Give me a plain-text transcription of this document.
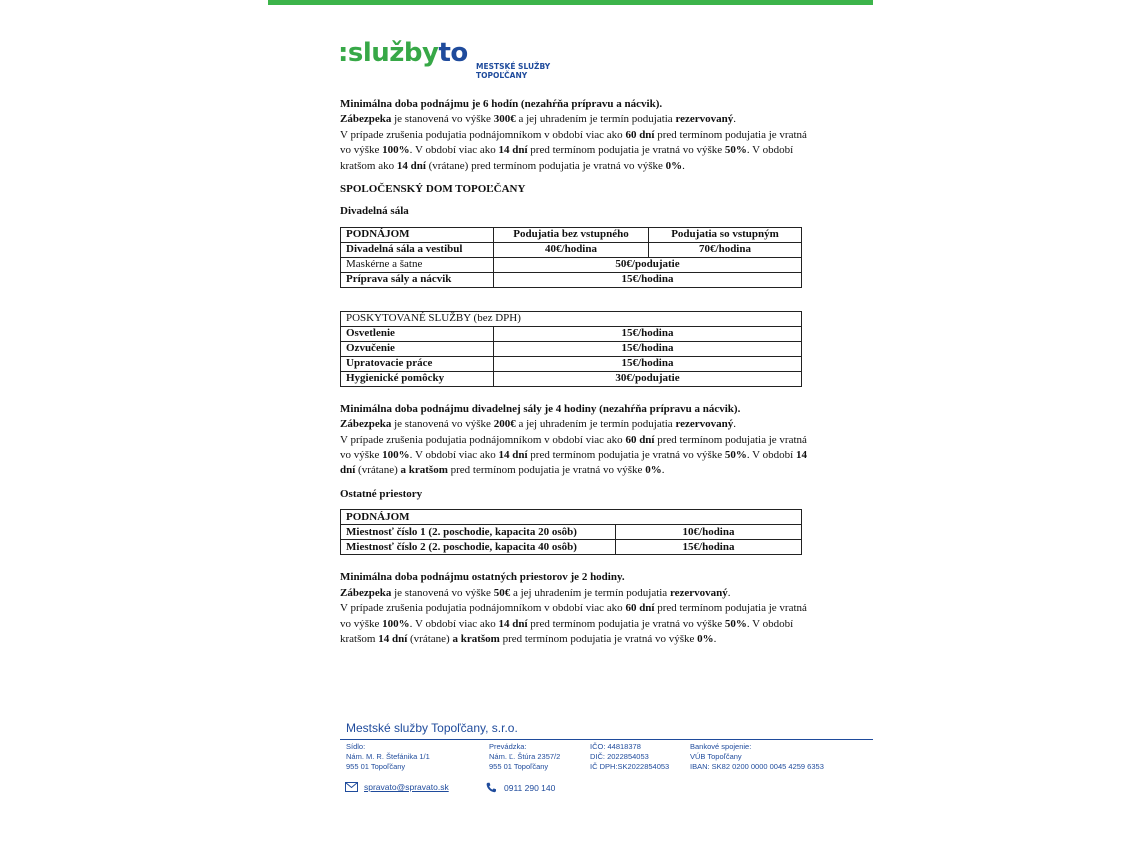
:službyto MESTSKÉ SLUŽBY
TOPOĽČANY

Minimálna doba podnájmu je 6 hodín (nezahŕňa prípravu a nácvik).

Zábezpeka je stanovená vo výške 300€ a jej uhradením je termín podujatia rezervovaný.

V prípade zrušenia podujatia podnájomníkom v období viac ako 60 dní pred termínom podujatia je vratná vo výške 100%. V období viac ako 14 dní pred termínom podujatia je vratná vo výške 50%. V období kratšom ako 14 dní (vrátane) pred termínom podujatia je vratná vo výške 0%.

SPOLOČENSKÝ DOM TOPOĽČANY

Divadelná sála

PODNÁJOM	Podujatia bez vstupného	Podujatia so vstupným
Divadelná sála a vestibul	40€/hodina	70€/hodina
Maskérne a šatne	50€/podujatie	
Príprava sály a nácvik	15€/hodina	
POSKYTOVANÉ SLUŽBY (bez DPH)	
Osvetlenie	15€/hodina
Ozvučenie	15€/hodina
Upratovacie práce	15€/hodina
Hygienické pomôcky	30€/podujatie

Minimálna doba podnájmu divadelnej sály je 4 hodiny (nezahŕňa prípravu a nácvik).

Zábezpeka je stanovená vo výške 200€ a jej uhradením je termín podujatia rezervovaný.

V prípade zrušenia podujatia podnájomníkom v období viac ako 60 dní pred termínom podujatia je vratná vo výške 100%. V období viac ako 14 dní pred termínom podujatia je vratná vo výške 50%. V období 14 dní (vrátane) a kratšom pred termínom podujatia je vratná vo výške 0%.

Ostatné priestory

PODNÁJOM	
Miestnosť číslo 1 (2. poschodie, kapacita 20 osôb)	10€/hodina
Miestnosť číslo 2 (2. poschodie, kapacita 40 osôb)	15€/hodina

Minimálna doba podnájmu ostatných priestorov je 2 hodiny.

Zábezpeka je stanovená vo výške 50€ a jej uhradením je termín podujatia rezervovaný.

V prípade zrušenia podujatia podnájomníkom v období viac ako 60 dní pred termínom podujatia je vratná vo výške 100%. V období viac ako 14 dní pred termínom podujatia je vratná vo výške 50%. V období kratšom 14 dní (vrátane) a kratšom pred termínom podujatia je vratná vo výške 0%.

Mestské služby Topoľčany, s.r.o.
Sídlo:
Nám. M. R. Štefánika 1/1
955 01 Topoľčany
Prevádzka:
Nám. Ľ. Štúra 2357/2
955 01 Topoľčany
IČO: 44818378
DIČ: 2022854053
IČ DPH:SK2022854053
Bankové spojenie:
VÚB Topoľčany
IBAN: SK82 0200 0000 0045 4259 6353
spravato@spravato.sk	0911 290 140
